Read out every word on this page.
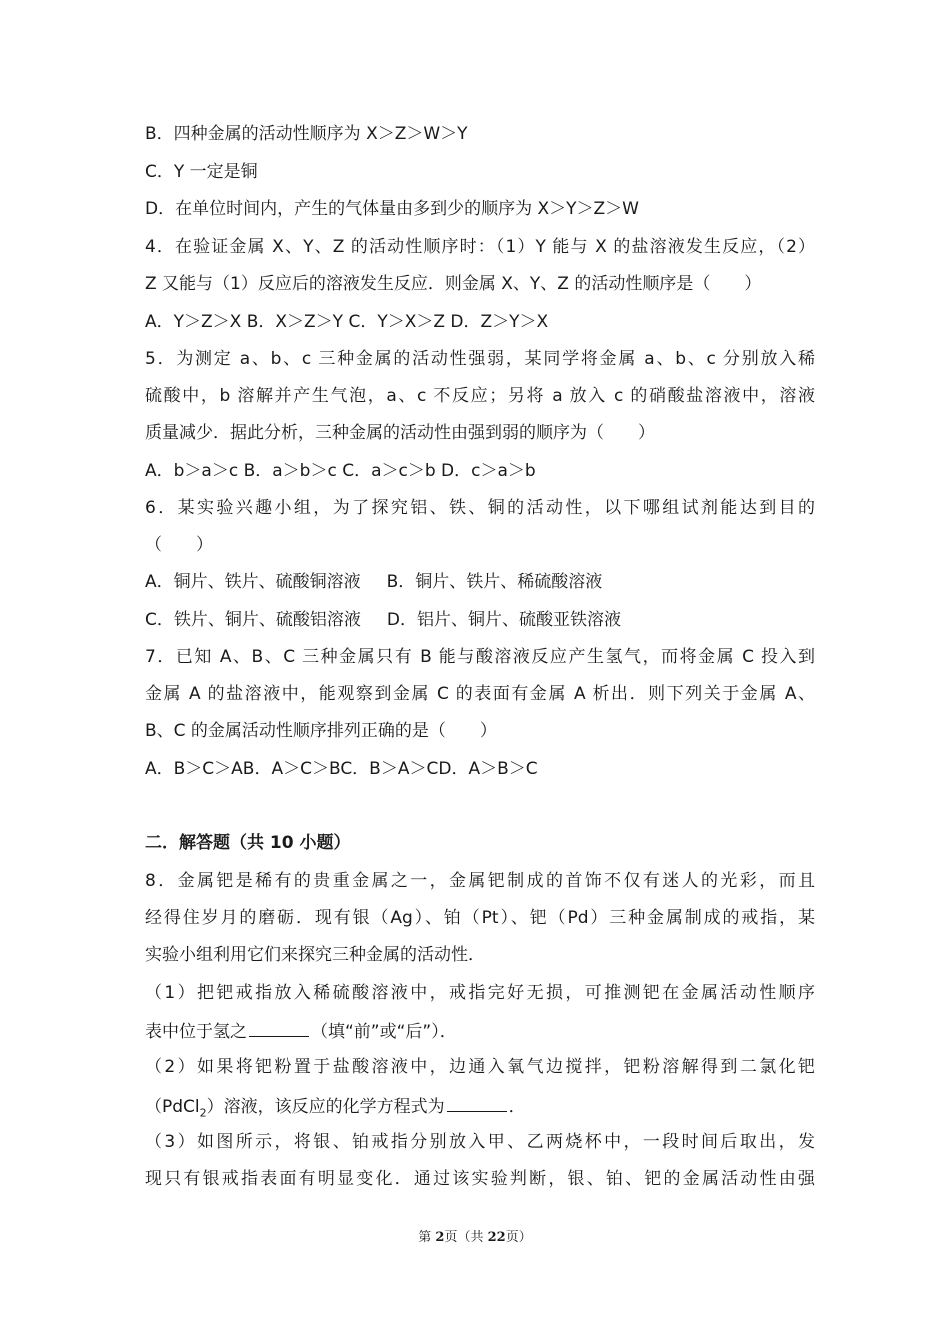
B．四种金属的活动性顺序为 X＞Z＞W＞Y
C．Y 一定是铜
D．在单位时间内，产生的气体量由多到少的顺序为 X＞Y＞Z＞W
4．在验证金属 X、Y、Z 的活动性顺序时：（1）Y 能与 X 的盐溶液发生反应，（2）
Z 又能与（1）反应后的溶液发生反应．则金属 X、Y、Z 的活动性顺序是（　　）
A．Y＞Z＞X B．X＞Z＞Y C．Y＞X＞Z D．Z＞Y＞X
5．为测定 a、b、c 三种金属的活动性强弱，某同学将金属 a、b、c 分别放入稀
硫酸中，b 溶解并产生气泡，a、c 不反应；另将 a 放入 c 的硝酸盐溶液中，溶液
质量减少．据此分析，三种金属的活动性由强到弱的顺序为（　　）
A．b＞a＞c B．a＞b＞c C．a＞c＞b D．c＞a＞b
6．某实验兴趣小组，为了探究铝、铁、铜的活动性，以下哪组试剂能达到目的
（　　）
A．铜片、铁片、硫酸铜溶液 B．铜片、铁片、稀硫酸溶液
C．铁片、铜片、硫酸铝溶液 D．铝片、铜片、硫酸亚铁溶液
7．已知 A、B、C 三种金属只有 B 能与酸溶液反应产生氢气，而将金属 C 投入到
金属 A 的盐溶液中，能观察到金属 C 的表面有金属 A 析出．则下列关于金属 A、
B、C 的金属活动性顺序排列正确的是（　　）
A．B＞C＞AB．A＞C＞BC．B＞A＞CD．A＞B＞C
二．解答题（共 10 小题）
8．金属钯是稀有的贵重金属之一，金属钯制成的首饰不仅有迷人的光彩，而且
经得住岁月的磨砺．现有银（Ag）、铂（Pt）、钯（Pd）三种金属制成的戒指，某
实验小组利用它们来探究三种金属的活动性．
（1）把钯戒指放入稀硫酸溶液中，戒指完好无损，可推测钯在金属活动性顺序
表中位于氢之	（填“前”或“后”）．
（2）如果将钯粉置于盐酸溶液中，边通入氧气边搅拌，钯粉溶解得到二氯化钯
（PdCl$_2$）溶液，该反应的化学方程式为	．
（3）如图所示，将银、铂戒指分别放入甲、乙两烧杯中，一段时间后取出，发
现只有银戒指表面有明显变化．通过该实验判断，银、铂、钯的金属活动性由强
第 2页（共 22页）
